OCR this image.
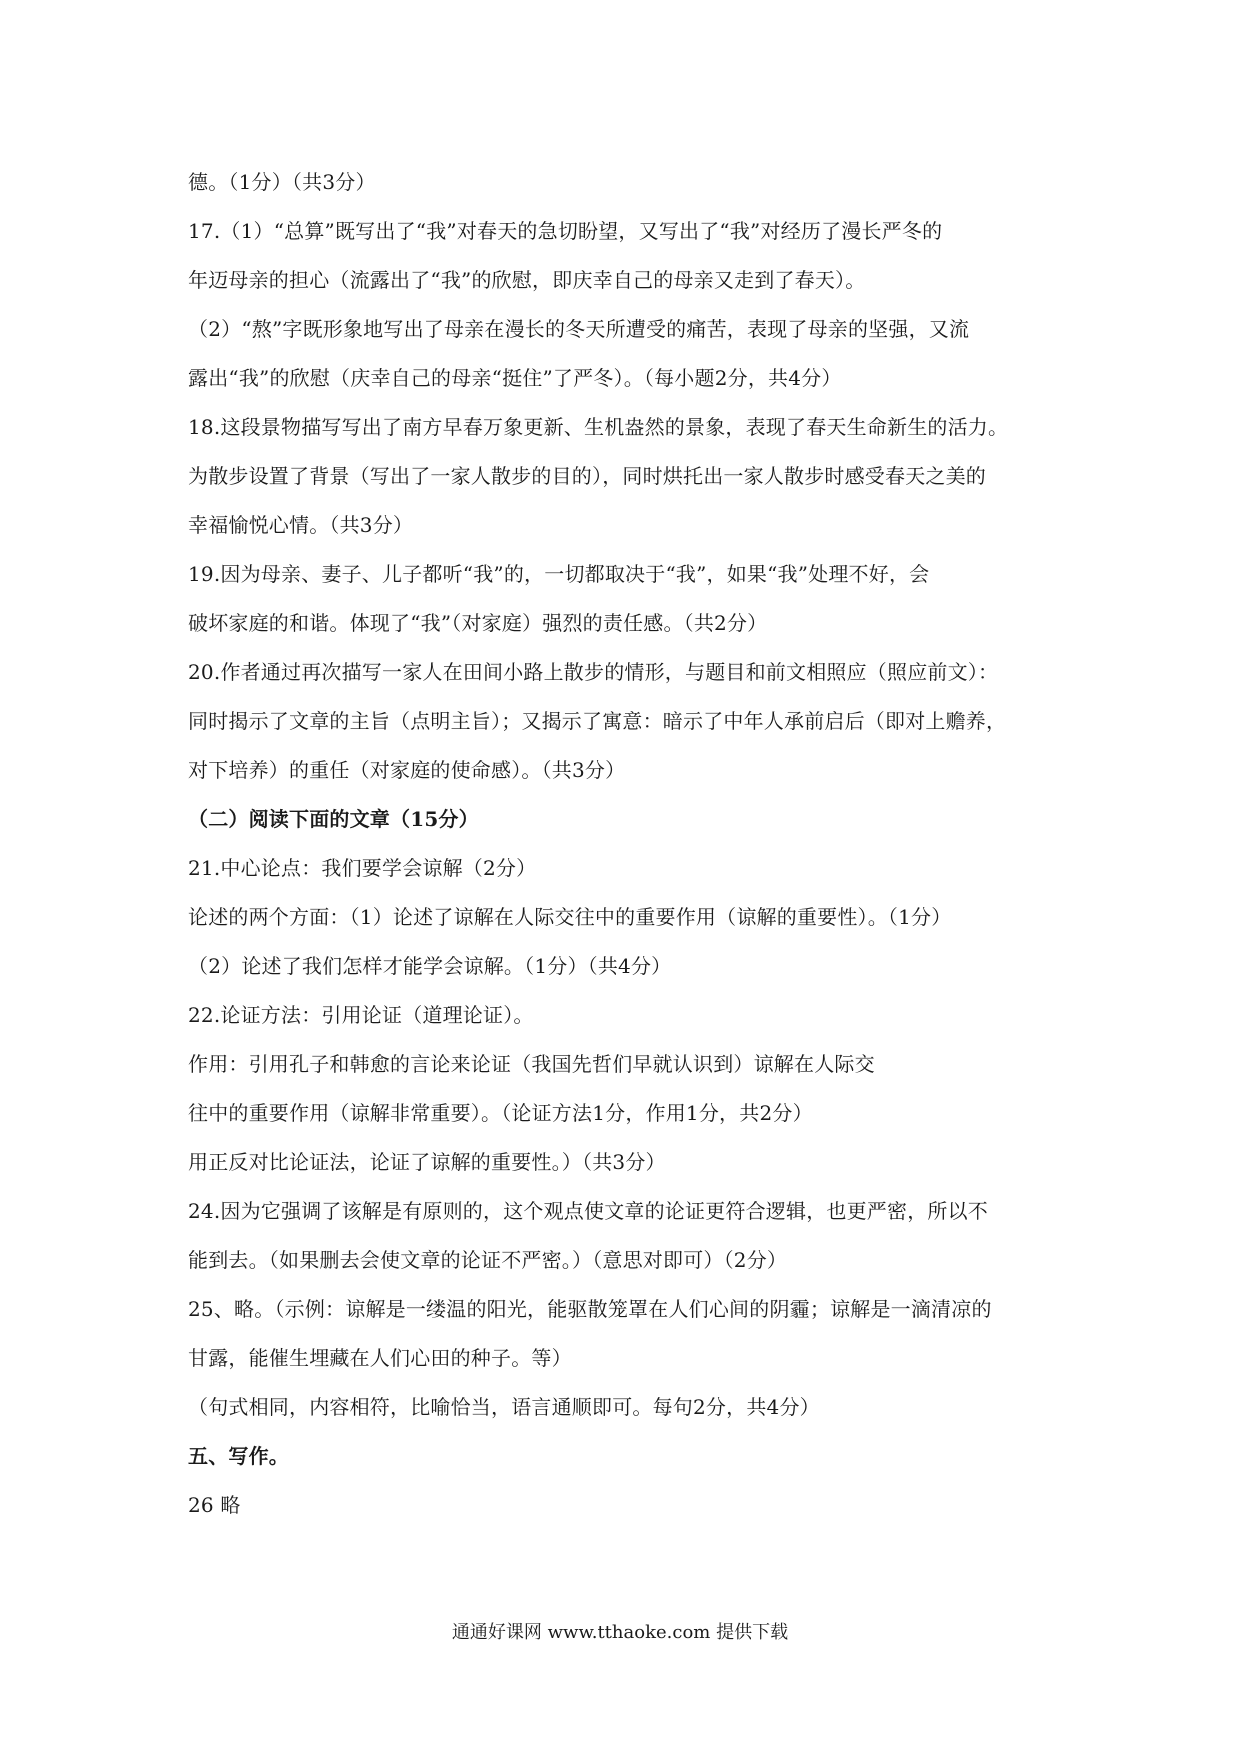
德。（1分）（共3分）
17.（1）“总算”既写出了“我”对春天的急切盼望，又写出了“我”对经历了漫长严冬的
年迈母亲的担心（流露出了“我”的欣慰，即庆幸自己的母亲又走到了春天）。
（2）“熬”字既形象地写出了母亲在漫长的冬天所遭受的痛苦，表现了母亲的坚强，又流
露出“我”的欣慰（庆幸自己的母亲“挺住”了严冬）。（每小题2分，共4分）
18.这段景物描写写出了南方早春万象更新、生机盎然的景象，表现了春天生命新生的活力。
为散步设置了背景（写出了一家人散步的目的），同时烘托出一家人散步时感受春天之美的
幸福愉悦心情。（共3分）
19.因为母亲、妻子、儿子都听“我”的，一切都取决于“我”，如果“我”处理不好，会
破坏家庭的和谐。体现了“我”（对家庭）强烈的责任感。（共2分）
20.作者通过再次描写一家人在田间小路上散步的情形，与题目和前文相照应（照应前文）：
同时揭示了文章的主旨（点明主旨）；又揭示了寓意：暗示了中年人承前启后（即对上赡养，
对下培养）的重任（对家庭的使命感）。（共3分）
（二）阅读下面的文章（15分）
21.中心论点：我们要学会谅解（2分）
论述的两个方面：（1）论述了谅解在人际交往中的重要作用（谅解的重要性）。（1分）
（2）论述了我们怎样才能学会谅解。（1分）（共4分）
22.论证方法：引用论证（道理论证）。
作用：引用孔子和韩愈的言论来论证（我国先哲们早就认识到）谅解在人际交
往中的重要作用（谅解非常重要）。（论证方法1分，作用1分，共2分）
用正反对比论证法，论证了谅解的重要性。）（共3分）
24.因为它强调了该解是有原则的，这个观点使文章的论证更符合逻辑，也更严密，所以不
能到去。（如果删去会使文章的论证不严密。）（意思对即可）（2分）
25、略。（示例：谅解是一缕温的阳光，能驱散笼罩在人们心间的阴霾；谅解是一滴清凉的
甘露，能催生埋藏在人们心田的种子。等）
（句式相同，内容相符，比喻恰当，语言通顺即可。每句2分，共4分）
五、写作。
26 略
通通好课网 www.tthaoke.com 提供下载
